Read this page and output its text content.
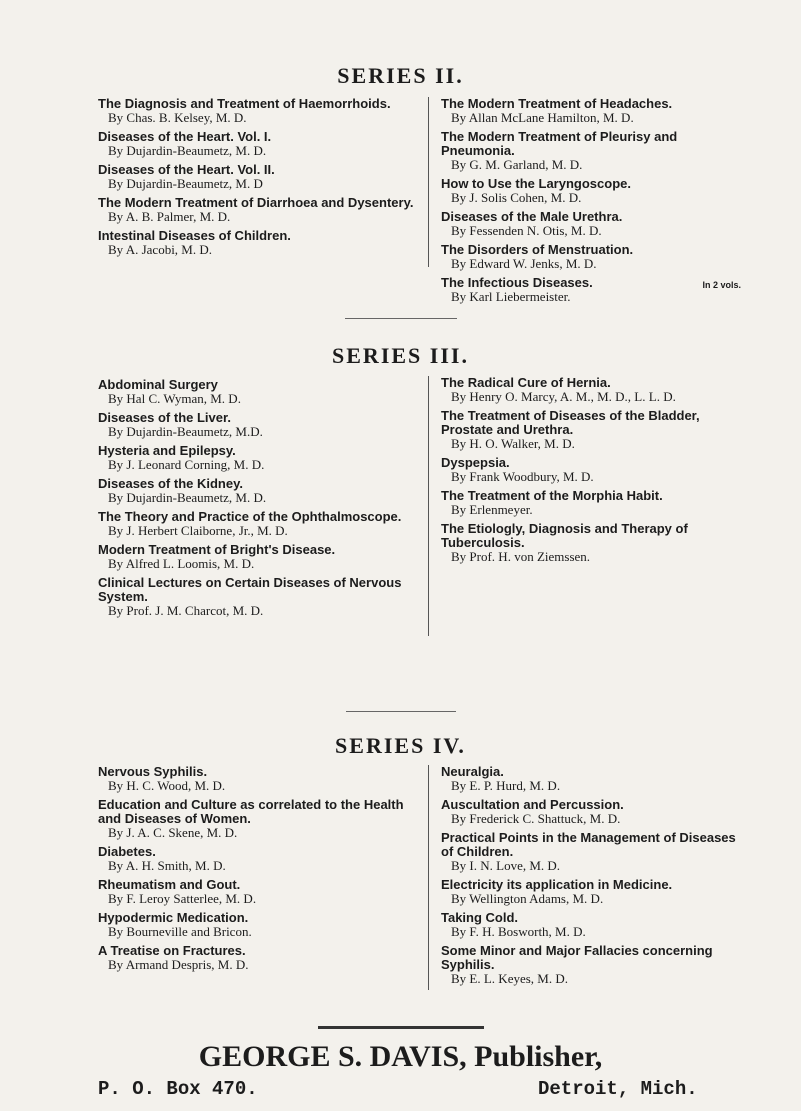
SERIES II.
The Diagnosis and Treatment of Haemorrhoids.
By Chas. B. Kelsey, M. D.
Diseases of the Heart. Vol. I.
By Dujardin-Beaumetz, M. D.
Diseases of the Heart. Vol. II.
By Dujardin-Beaumetz, M. D
The Modern Treatment of Diarrhoea and Dysentery.
By A. B. Palmer, M. D.
Intestinal Diseases of Children.
By A. Jacobi, M. D.
The Modern Treatment of Headaches.
By Allan McLane Hamilton, M. D.
The Modern Treatment of Pleurisy and Pneumonia.
By G. M. Garland, M. D.
How to Use the Laryngoscope.
By J. Solis Cohen, M. D.
Diseases of the Male Urethra.
By Fessenden N. Otis, M. D.
The Disorders of Menstruation.
By Edward W. Jenks, M. D.
In 2 vols.
The Infectious Diseases.
By Karl Liebermeister.
SERIES III.
Abdominal Surgery
By Hal C. Wyman, M. D.
Diseases of the Liver.
By Dujardin-Beaumetz, M.D.
Hysteria and Epilepsy.
By J. Leonard Corning, M. D.
Diseases of the Kidney.
By Dujardin-Beaumetz, M. D.
The Theory and Practice of the Ophthalmoscope.
By J. Herbert Claiborne, Jr., M. D.
Modern Treatment of Bright's Disease.
By Alfred L. Loomis, M. D.
Clinical Lectures on Certain Diseases of Nervous System.
By Prof. J. M. Charcot, M. D.
The Radical Cure of Hernia.
By Henry O. Marcy, A. M., M. D., L. L. D.
The Treatment of Diseases of the Bladder, Prostate and Urethra.
By H. O. Walker, M. D.
Dyspepsia.
By Frank Woodbury, M. D.
The Treatment of the Morphia Habit.
By Erlenmeyer.
The Etiologly, Diagnosis and Therapy of Tuberculosis.
By Prof. H. von Ziemssen.
SERIES IV.
Nervous Syphilis.
By H. C. Wood, M. D.
Education and Culture as correlated to the Health and Diseases of Women.
By J. A. C. Skene, M. D.
Diabetes.
By A. H. Smith, M. D.
Rheumatism and Gout.
By F. Leroy Satterlee, M. D.
Hypodermic Medication.
By Bourneville and Bricon.
A Treatise on Fractures.
By Armand Despris, M. D.
Neuralgia.
By E. P. Hurd, M. D.
Auscultation and Percussion.
By Frederick C. Shattuck, M. D.
Practical Points in the Management of Diseases of Children.
By I. N. Love, M. D.
Electricity its application in Medicine.
By Wellington Adams, M. D.
Taking Cold.
By F. H. Bosworth, M. D.
Some Minor and Major Fallacies concerning Syphilis.
By E. L. Keyes, M. D.
GEORGE S. DAVIS, Publisher,
P. O. Box 470.	Detroit, Mich.
